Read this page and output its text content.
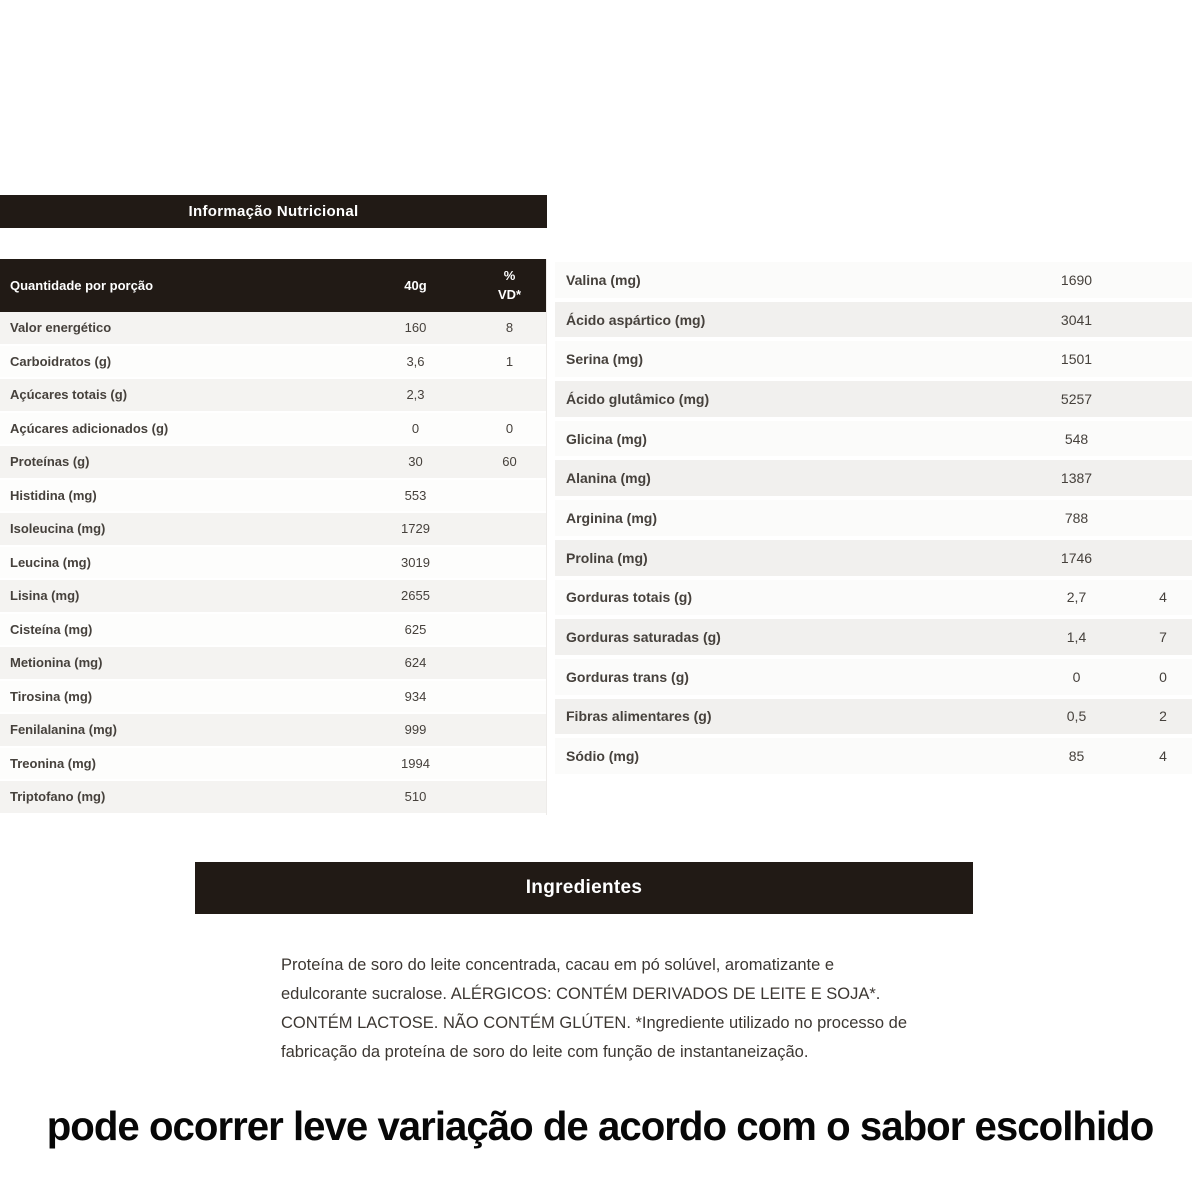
Informação Nutricional
Quantidade por porção	40g
%
VD*
Valor energético	160	8
Carboidratos (g)	3,6	1
Açúcares totais (g)	2,3
Açúcares adicionados (g)	0	0
Proteínas (g)	30	60
Histidina (mg)	553
Isoleucina (mg)	1729
Leucina (mg)	3019
Lisina (mg)	2655
Cisteína (mg)	625
Metionina (mg)	624
Tirosina (mg)	934
Fenilalanina (mg)	999
Treonina (mg)	1994
Triptofano (mg)	510
Valina (mg)	1690
Ácido aspártico (mg)	3041
Serina (mg)	1501
Ácido glutâmico (mg)	5257
Glicina (mg)	548
Alanina (mg)	1387
Arginina (mg)	788
Prolina (mg)	1746
Gorduras totais (g)	2,7	4
Gorduras saturadas (g)	1,4	7
Gorduras trans (g)	0	0
Fibras alimentares (g)	0,5	2
Sódio (mg)	85	4
Ingredientes
Proteína de soro do leite concentrada, cacau em pó solúvel, aromatizante e edulcorante sucralose. ALÉRGICOS: CONTÉM DERIVADOS DE LEITE E SOJA*. CONTÉM LACTOSE. NÃO CONTÉM GLÚTEN. *Ingrediente utilizado no processo de fabricação da proteína de soro do leite com função de instantaneização.
pode ocorrer leve variação de acordo com o sabor escolhido
